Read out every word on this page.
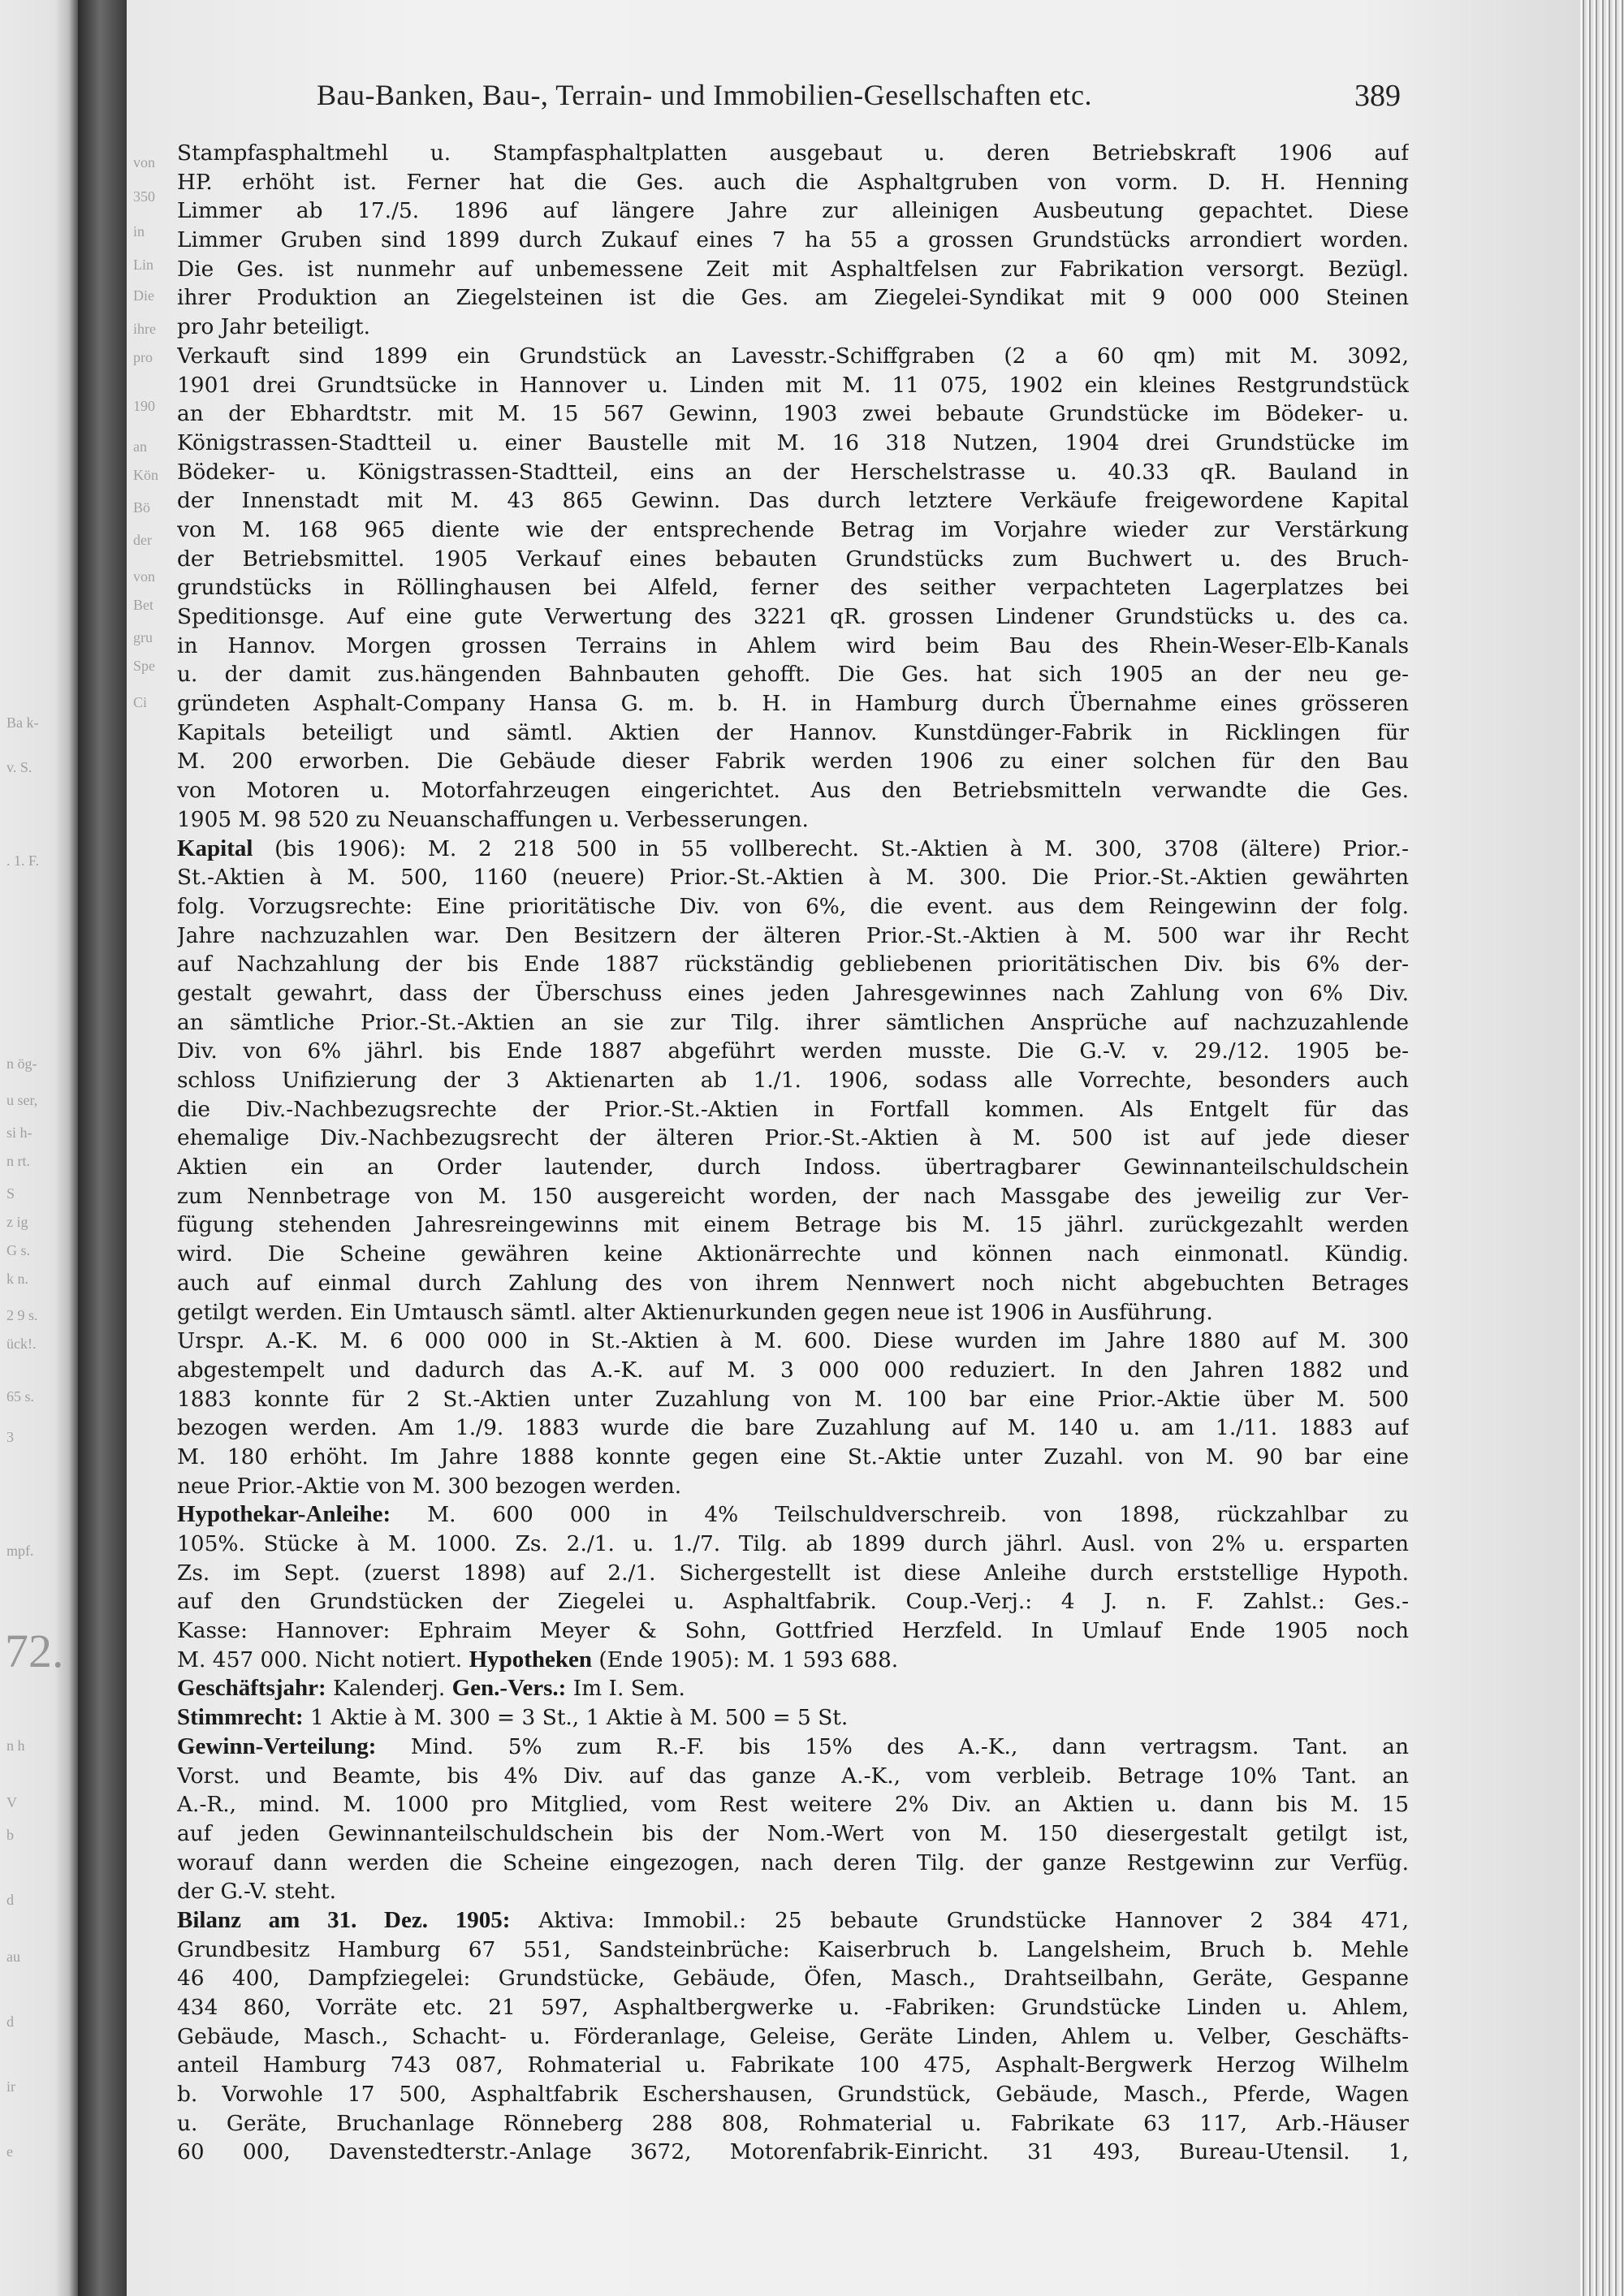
von
350
in
Lin
Die
ihre
pro
190
an
Kön
Bö
der
von
Bet
gru
Spe
Ci
Ba k-
v. S.
. 1. F.
n ög-
u ser,
si h-
n rt.
S
z ig
G s.
k n.
2 9 s.
ück!.
65 s.
3
mpf.
n h
V
b
d
au
d
ir
e
72.
Bau-Banken, Bau-, Terrain- und Immobilien-Gesellschaften etc.	389
Stampfasphaltmehl u. Stampfasphaltplatten ausgebaut u. deren Betriebskraft 1906 auf
HP. erhöht ist. Ferner hat die Ges. auch die Asphaltgruben von vorm. D. H. Henning
Limmer ab 17./5. 1896 auf längere Jahre zur alleinigen Ausbeutung gepachtet. Diese
Limmer Gruben sind 1899 durch Zukauf eines 7 ha 55 a grossen Grundstücks arrondiert worden.
Die Ges. ist nunmehr auf unbemessene Zeit mit Asphaltfelsen zur Fabrikation versorgt. Bezügl.
ihrer Produktion an Ziegelsteinen ist die Ges. am Ziegelei-Syndikat mit 9 000 000 Steinen
pro Jahr beteiligt.
Verkauft sind 1899 ein Grundstück an Lavesstr.-Schiffgraben (2 a 60 qm) mit M. 3092,
1901 drei Grundtsücke in Hannover u. Linden mit M. 11 075, 1902 ein kleines Restgrundstück
an der Ebhardtstr. mit M. 15 567 Gewinn, 1903 zwei bebaute Grundstücke im Bödeker- u.
Königstrassen-Stadtteil u. einer Baustelle mit M. 16 318 Nutzen, 1904 drei Grundstücke im
Bödeker- u. Königstrassen-Stadtteil, eins an der Herschelstrasse u. 40.33 qR. Bauland in
der Innenstadt mit M. 43 865 Gewinn. Das durch letztere Verkäufe freigewordene Kapital
von M. 168 965 diente wie der entsprechende Betrag im Vorjahre wieder zur Verstärkung
der Betriebsmittel. 1905 Verkauf eines bebauten Grundstücks zum Buchwert u. des Bruch-
grundstücks in Röllinghausen bei Alfeld, ferner des seither verpachteten Lagerplatzes bei
Speditionsge. Auf eine gute Verwertung des 3221 qR. grossen Lindener Grundstücks u. des ca.
in Hannov. Morgen grossen Terrains in Ahlem wird beim Bau des Rhein-Weser-Elb-Kanals
u. der damit zus.hängenden Bahnbauten gehofft. Die Ges. hat sich 1905 an der neu ge-
gründeten Asphalt-Company Hansa G. m. b. H. in Hamburg durch Übernahme eines grösseren
Kapitals beteiligt und sämtl. Aktien der Hannov. Kunstdünger-Fabrik in Ricklingen für
M. 200 erworben. Die Gebäude dieser Fabrik werden 1906 zu einer solchen für den Bau
von Motoren u. Motorfahrzeugen eingerichtet. Aus den Betriebsmitteln verwandte die Ges.
1905 M. 98 520 zu Neuanschaffungen u. Verbesserungen.
Kapital (bis 1906): M. 2 218 500 in 55 vollberecht. St.-Aktien à M. 300, 3708 (ältere) Prior.-
St.-Aktien à M. 500, 1160 (neuere) Prior.-St.-Aktien à M. 300. Die Prior.-St.-Aktien gewährten
folg. Vorzugsrechte: Eine prioritätische Div. von 6%, die event. aus dem Reingewinn der folg.
Jahre nachzuzahlen war. Den Besitzern der älteren Prior.-St.-Aktien à M. 500 war ihr Recht
auf Nachzahlung der bis Ende 1887 rückständig gebliebenen prioritätischen Div. bis 6% der-
gestalt gewahrt, dass der Überschuss eines jeden Jahresgewinnes nach Zahlung von 6% Div.
an sämtliche Prior.-St.-Aktien an sie zur Tilg. ihrer sämtlichen Ansprüche auf nachzuzahlende
Div. von 6% jährl. bis Ende 1887 abgeführt werden musste. Die G.-V. v. 29./12. 1905 be-
schloss Unifizierung der 3 Aktienarten ab 1./1. 1906, sodass alle Vorrechte, besonders auch
die Div.-Nachbezugsrechte der Prior.-St.-Aktien in Fortfall kommen. Als Entgelt für das
ehemalige Div.-Nachbezugsrecht der älteren Prior.-St.-Aktien à M. 500 ist auf jede dieser
Aktien ein an Order lautender, durch Indoss. übertragbarer Gewinnanteilschuldschein
zum Nennbetrage von M. 150 ausgereicht worden, der nach Massgabe des jeweilig zur Ver-
fügung stehenden Jahresreingewinns mit einem Betrage bis M. 15 jährl. zurückgezahlt werden
wird. Die Scheine gewähren keine Aktionärrechte und können nach einmonatl. Kündig.
auch auf einmal durch Zahlung des von ihrem Nennwert noch nicht abgebuchten Betrages
getilgt werden. Ein Umtausch sämtl. alter Aktienurkunden gegen neue ist 1906 in Ausführung.
Urspr. A.-K. M. 6 000 000 in St.-Aktien à M. 600. Diese wurden im Jahre 1880 auf M. 300
abgestempelt und dadurch das A.-K. auf M. 3 000 000 reduziert. In den Jahren 1882 und
1883 konnte für 2 St.-Aktien unter Zuzahlung von M. 100 bar eine Prior.-Aktie über M. 500
bezogen werden. Am 1./9. 1883 wurde die bare Zuzahlung auf M. 140 u. am 1./11. 1883 auf
M. 180 erhöht. Im Jahre 1888 konnte gegen eine St.-Aktie unter Zuzahl. von M. 90 bar eine
neue Prior.-Aktie von M. 300 bezogen werden.
Hypothekar-Anleihe: M. 600 000 in 4% Teilschuldverschreib. von 1898, rückzahlbar zu
105%. Stücke à M. 1000. Zs. 2./1. u. 1./7. Tilg. ab 1899 durch jährl. Ausl. von 2% u. ersparten
Zs. im Sept. (zuerst 1898) auf 2./1. Sichergestellt ist diese Anleihe durch erststellige Hypoth.
auf den Grundstücken der Ziegelei u. Asphaltfabrik. Coup.-Verj.: 4 J. n. F. Zahlst.: Ges.-
Kasse: Hannover: Ephraim Meyer & Sohn, Gottfried Herzfeld. In Umlauf Ende 1905 noch
M. 457 000. Nicht notiert. Hypotheken (Ende 1905): M. 1 593 688.
Geschäftsjahr: Kalenderj. Gen.-Vers.: Im I. Sem.
Stimmrecht: 1 Aktie à M. 300 = 3 St., 1 Aktie à M. 500 = 5 St.
Gewinn-Verteilung: Mind. 5% zum R.-F. bis 15% des A.-K., dann vertragsm. Tant. an
Vorst. und Beamte, bis 4% Div. auf das ganze A.-K., vom verbleib. Betrage 10% Tant. an
A.-R., mind. M. 1000 pro Mitglied, vom Rest weitere 2% Div. an Aktien u. dann bis M. 15
auf jeden Gewinnanteilschuldschein bis der Nom.-Wert von M. 150 diesergestalt getilgt ist,
worauf dann werden die Scheine eingezogen, nach deren Tilg. der ganze Restgewinn zur Verfüg.
der G.-V. steht.
Bilanz am 31. Dez. 1905: Aktiva: Immobil.: 25 bebaute Grundstücke Hannover 2 384 471,
Grundbesitz Hamburg 67 551, Sandsteinbrüche: Kaiserbruch b. Langelsheim, Bruch b. Mehle
46 400, Dampfziegelei: Grundstücke, Gebäude, Öfen, Masch., Drahtseilbahn, Geräte, Gespanne
434 860, Vorräte etc. 21 597, Asphaltbergwerke u. -Fabriken: Grundstücke Linden u. Ahlem,
Gebäude, Masch., Schacht- u. Förderanlage, Geleise, Geräte Linden, Ahlem u. Velber, Geschäfts-
anteil Hamburg 743 087, Rohmaterial u. Fabrikate 100 475, Asphalt-Bergwerk Herzog Wilhelm
b. Vorwohle 17 500, Asphaltfabrik Eschershausen, Grundstück, Gebäude, Masch., Pferde, Wagen
u. Geräte, Bruchanlage Rönneberg 288 808, Rohmaterial u. Fabrikate 63 117, Arb.-Häuser
60 000, Davenstedterstr.-Anlage 3672, Motorenfabrik-Einricht. 31 493, Bureau-Utensil. 1,
